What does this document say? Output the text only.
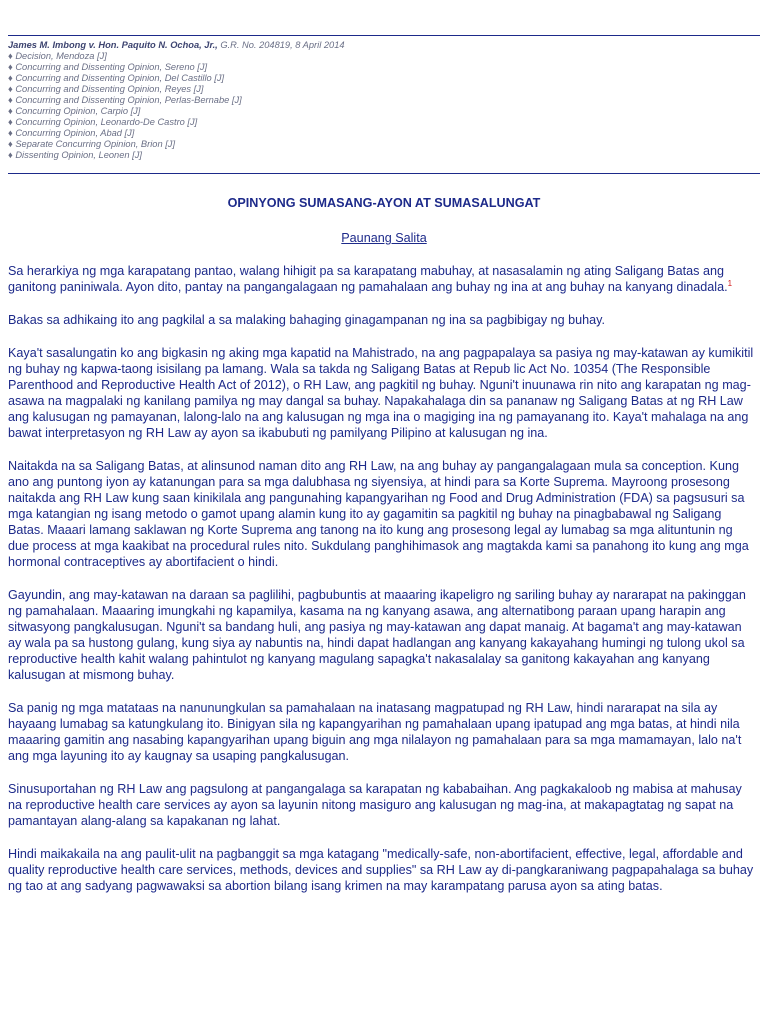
James M. Imbong v. Hon. Paquito N. Ochoa, Jr., G.R. No. 204819, 8 April 2014
♦ Decision, Mendoza [J]
♦ Concurring and Dissenting Opinion, Sereno [J]
♦ Concurring and Dissenting Opinion, Del Castillo [J]
♦ Concurring and Dissenting Opinion, Reyes [J]
♦ Concurring and Dissenting Opinion, Perlas-Bernabe [J]
♦ Concurring Opinion, Carpio [J]
♦ Concurring Opinion, Leonardo-De Castro [J]
♦ Concurring Opinion, Abad [J]
♦ Separate Concurring Opinion, Brion [J]
♦ Dissenting Opinion, Leonen [J]
OPINYONG SUMASANG-AYON AT SUMASALUNGAT
Paunang Salita

Sa herarkiya ng mga karapatang pantao, walang hihigit pa sa karapatang mabuhay, at nasasalamin ng ating Saligang Batas ang ganitong paniniwala. Ayon dito, pantay na pangangalagaan ng pamahalaan ang buhay ng ina at ang buhay na kanyang dinadala.$^1$

Bakas sa adhikaing ito ang pagkilal a sa malaking bahaging ginagampanan ng ina sa pagbibigay ng buhay.

Kaya't sasalungatin ko ang bigkasin ng aking mga kapatid na Mahistrado, na ang pagpapalaya sa pasiya ng may-katawan ay kumikitil ng buhay ng kapwa-taong isisilang pa lamang. Wala sa takda ng Saligang Batas at Repub lic Act No. 10354 (The Responsible Parenthood and Reproductive Health Act of 2012), o RH Law, ang pagkitil ng buhay. Nguni't inuunawa rin nito ang karapatan ng mag-asawa na magpalaki ng kanilang pamilya ng may dangal sa buhay. Napakahalaga din sa pananaw ng Saligang Batas at ng RH Law ang kalusugan ng pamayanan, lalong-lalo na ang kalusugan ng mga ina o magiging ina ng pamayanang ito. Kaya't mahalaga na ang bawat interpretasyon ng RH Law ay ayon sa ikabubuti ng pamilyang Pilipino at kalusugan ng ina.

Naitakda na sa Saligang Batas, at alinsunod naman dito ang RH Law, na ang buhay ay pangangalagaan mula sa conception. Kung ano ang puntong iyon ay katanungan para sa mga dalubhasa ng siyensiya, at hindi para sa Korte Suprema. Mayroong prosesong naitakda ang RH Law kung saan kinikilala ang pangunahing kapangyarihan ng Food and Drug Administration (FDA) sa pagsusuri sa mga katangian ng isang metodo o gamot upang alamin kung ito ay gagamitin sa pagkitil ng buhay na pinagbabawal ng Saligang Batas. Maaari lamang saklawan ng Korte Suprema ang tanong na ito kung ang prosesong legal ay lumabag sa mga alituntunin ng due process at mga kaakibat na procedural rules nito. Sukdulang panghihimasok ang magtakda kami sa panahong ito kung ang mga hormonal contraceptives ay abortifacient o hindi.

Gayundin, ang may-katawan na daraan sa paglilihi, pagbubuntis at maaaring ikapeligro ng sariling buhay ay nararapat na pakinggan ng pamahalaan. Maaaring imungkahi ng kapamilya, kasama na ng kanyang asawa, ang alternatibong paraan upang harapin ang sitwasyong pangkalusugan. Nguni't sa bandang huli, ang pasiya ng may-katawan ang dapat manaig. At bagama't ang may-katawan ay wala pa sa hustong gulang, kung siya ay nabuntis na, hindi dapat hadlangan ang kanyang kakayahang humingi ng tulong ukol sa reproductive health kahit walang pahintulot ng kanyang magulang sapagka't nakasalalay sa ganitong kakayahan ang kanyang kalusugan at mismong buhay.

Sa panig ng mga matataas na nanunungkulan sa pamahalaan na inatasang magpatupad ng RH Law, hindi nararapat na sila ay hayaang lumabag sa katungkulang ito. Binigyan sila ng kapangyarihan ng pamahalaan upang ipatupad ang mga batas, at hindi nila maaaring gamitin ang nasabing kapangyarihan upang biguin ang mga nilalayon ng pamahalaan para sa mga mamamayan, lalo na't ang mga layuning ito ay kaugnay sa usaping pangkalusugan.

Sinusuportahan ng RH Law ang pagsulong at pangangalaga sa karapatan ng kababaihan. Ang pagkakaloob ng mabisa at mahusay na reproductive health care services ay ayon sa layunin nitong masiguro ang kalusugan ng mag-ina, at makapagtatag ng sapat na pamantayan alang-alang sa kapakanan ng lahat.

Hindi maikakaila na ang paulit-ulit na pagbanggit sa mga katagang "medically-safe, non-abortifacient, effective, legal, affordable and quality reproductive health care services, methods, devices and supplies" sa RH Law ay di-pangkaraniwang pagpapahalaga sa buhay ng tao at ang sadyang pagwawaksi sa abortion bilang isang krimen na may karampatang parusa ayon sa ating batas.
